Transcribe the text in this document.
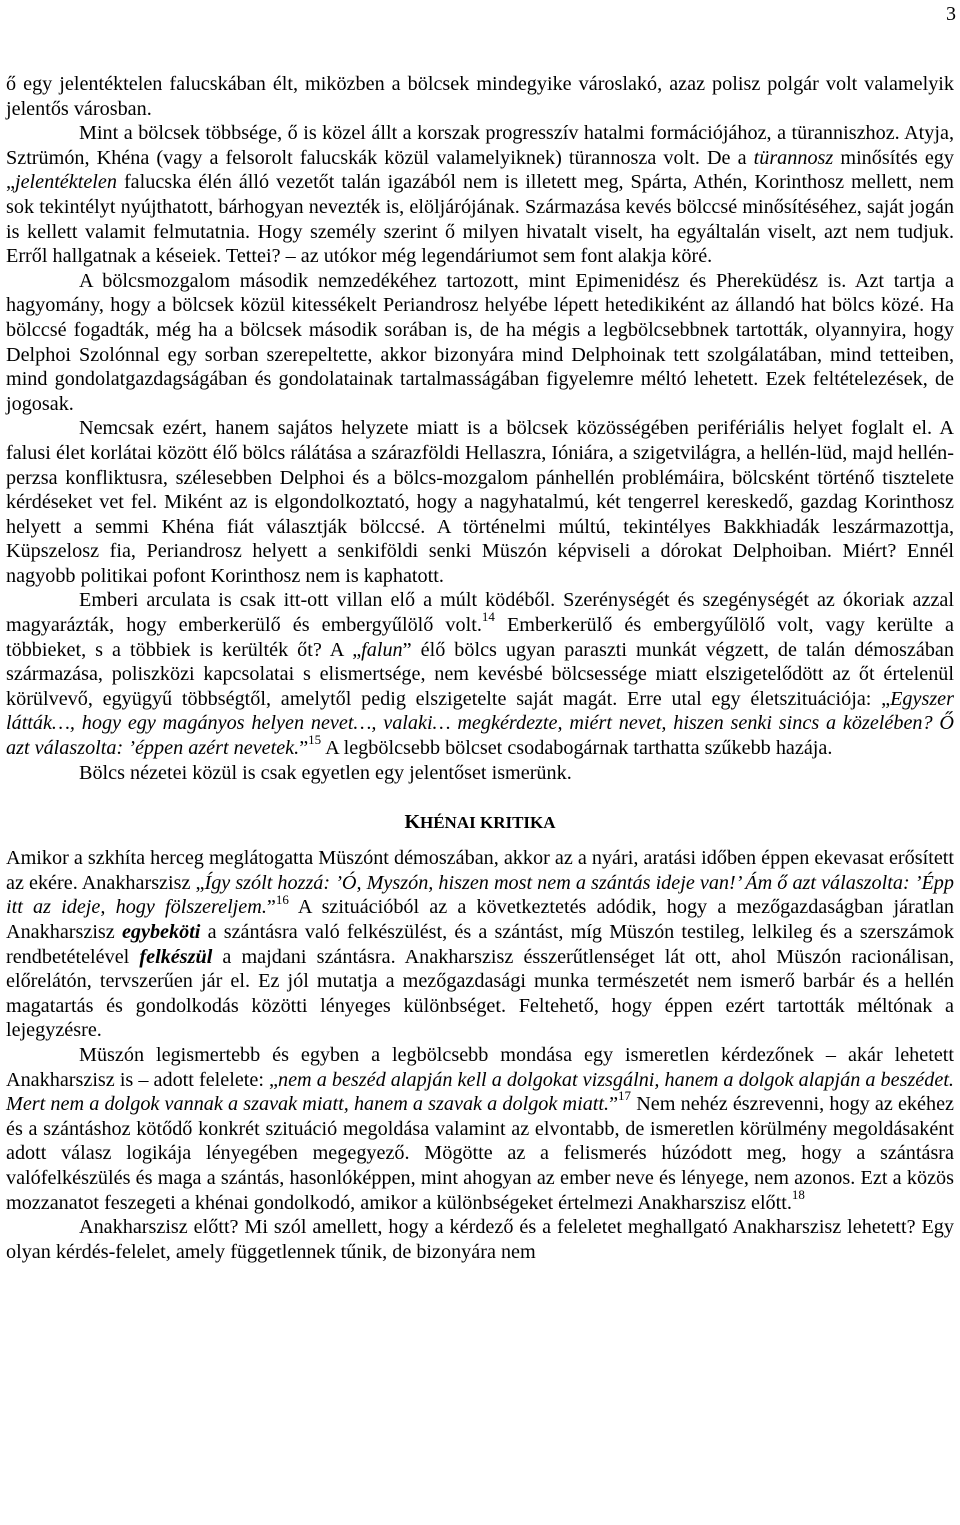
3

ő egy jelentéktelen falucskában élt, miközben a bölcsek mindegyike városlakó, azaz polisz polgár volt valamelyik jelentős városban.

Mint a bölcsek többsége, ő is közel állt a korszak progresszív hatalmi formációjához, a türanniszhoz. Atyja, Sztrümón, Khéna (vagy a felsorolt falucskák közül valamelyiknek) türannosza volt. De a türannosz minősítés egy „jelentéktelen falucska élén álló vezetőt talán igazából nem is illetett meg, Spárta, Athén, Korinthosz mellett, nem sok tekintélyt nyújthatott, bárhogyan nevezték is, elöljárójának. Származása kevés bölccsé minősítéséhez, saját jogán is kellett valamit felmutatnia. Hogy személy szerint ő milyen hivatalt viselt, ha egyáltalán viselt, azt nem tudjuk. Erről hallgatnak a késeiek. Tettei? – az utókor még legendáriumot sem font alakja köré.

A bölcsmozgalom második nemzedékéhez tartozott, mint Epimenidész és Phereküdész is. Azt tartja a hagyomány, hogy a bölcsek közül kitessékelt Periandrosz helyébe lépett hetedikiként az állandó hat bölcs közé. Ha bölccsé fogadták, még ha a bölcsek második sorában is, de ha mégis a legbölcsebbnek tartották, olyannyira, hogy Delphoi Szolónnal egy sorban szerepeltette, akkor bizonyára mind Delphoinak tett szolgálatában, mind tetteiben, mind gondolatgazdagságában és gondolatainak tartalmasságában figyelemre méltó lehetett. Ezek feltételezések, de jogosak.

Nemcsak ezért, hanem sajátos helyzete miatt is a bölcsek közösségében perifériális helyet foglalt el. A falusi élet korlátai között élő bölcs rálátása a szárazföldi Hellaszra, Ióniára, a szigetvilágra, a hellén-lüd, majd hellén-perzsa konfliktusra, szélesebben Delphoi és a bölcs-mozgalom pánhellén problémáira, bölcsként történő tisztelete kérdéseket vet fel. Miként az is elgondolkoztató, hogy a nagyhatalmú, két tengerrel kereskedő, gazdag Korinthosz helyett a semmi Khéna fiát választják bölccsé. A történelmi múltú, tekintélyes Bakkhiadák leszármazottja, Küpszelosz fia, Periandrosz helyett a senkiföldi senki Müszón képviseli a dórokat Delphoiban. Miért? Ennél nagyobb politikai pofont Korinthosz nem is kaphatott.

Emberi arculata is csak itt-ott villan elő a múlt ködéből. Szerénységét és szegénységét az ókoriak azzal magyarázták, hogy emberkerülő és embergyűlölő volt.$^{14}$ Emberkerülő és embergyűlölő volt, vagy kerülte a többieket, s a többiek is kerülték őt? A „falun” élő bölcs ugyan paraszti munkát végzett, de talán démoszában származása, poliszközi kapcsolatai s elismertsége, nem kevésbé bölcsessége miatt elszigetelődött az őt értelenül körülvevő, együgyű többségtől, amelytől pedig elszigetelte saját magát. Erre utal egy életszituációja: „Egyszer látták…, hogy egy magányos helyen nevet…, valaki… megkérdezte, miért nevet, hiszen senki sincs a közelében? Ő azt válaszolta: ’éppen azért nevetek.”$^{15}$ A legbölcsebb bölcset csodabogárnak tarthatta szűkebb hazája.

Bölcs nézetei közül is csak egyetlen egy jelentőset ismerünk.

KHÉNAI KRITIKA

Amikor a szkhíta herceg meglátogatta Müszónt démoszában, akkor az a nyári, aratási időben éppen ekevasat erősített az ekére. Anakharszisz „Így szólt hozzá: ’Ó, Myszón, hiszen most nem a szántás ideje van!’ Ám ő azt válaszolta: ’Épp itt az ideje, hogy fölszereljem.”$^{16}$ A szituációból az a következtetés adódik, hogy a mezőgazdaságban járatlan Anakharszisz egybeköti a szántásra való felkészülést, és a szántást, míg Müszón testileg, lelkileg és a szerszámok rendbetételével felkészül a majdani szántásra. Anakharszisz ésszerűtlenséget lát ott, ahol Müszón racionálisan, előrelátón, tervszerűen jár el. Ez jól mutatja a mezőgazdasági munka természetét nem ismerő barbár és a hellén magatartás és gondolkodás közötti lényeges különbséget. Feltehető, hogy éppen ezért tartották méltónak a lejegyzésre.

Müszón legismertebb és egyben a legbölcsebb mondása egy ismeretlen kérdezőnek – akár lehetett Anakharszisz is – adott felelete: „nem a beszéd alapján kell a dolgokat vizsgálni, hanem a dolgok alapján a beszédet. Mert nem a dolgok vannak a szavak miatt, hanem a szavak a dolgok miatt.”$^{17}$ Nem nehéz észrevenni, hogy az ekéhez és a szántáshoz kötődő konkrét szituáció megoldása valamint az elvontabb, de ismeretlen körülmény megoldásaként adott válasz logikája lényegében megegyező. Mögötte az a felismerés húzódott meg, hogy a szántásra valófelkészülés és maga a szántás, hasonlóképpen, mint ahogyan az ember neve és lényege, nem azonos. Ezt a közös mozzanatot feszegeti a khénai gondolkodó, amikor a különbségeket értelmezi Anakharszisz előtt.$^{18}$

Anakharszisz előtt? Mi szól amellett, hogy a kérdező és a feleletet meghallgató Anakharszisz lehetett? Egy olyan kérdés-felelet, amely függetlennek tűnik, de bizonyára nem
